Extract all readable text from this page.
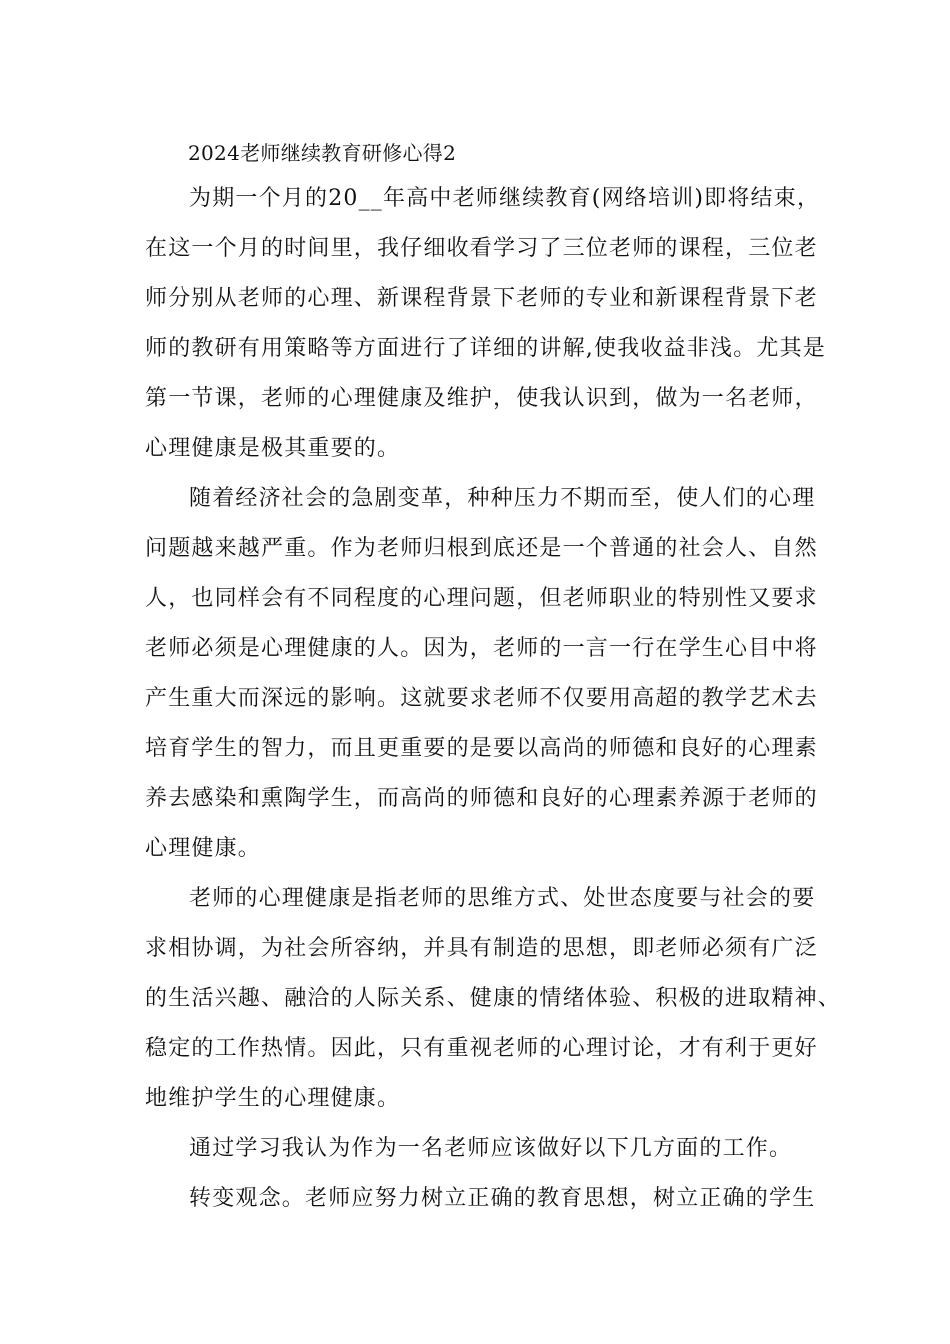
2024老师继续教育研修心得2
为期一个月的20__年高中老师继续教育(网络培训)即将结束，
在这一个月的时间里，我仔细收看学习了三位老师的课程，三位老
师分别从老师的心理、新课程背景下老师的专业和新课程背景下老
师的教研有用策略等方面进行了详细的讲解,使我收益非浅。尤其是
第一节课，老师的心理健康及维护，使我认识到，做为一名老师，
心理健康是极其重要的。
随着经济社会的急剧变革，种种压力不期而至，使人们的心理
问题越来越严重。作为老师归根到底还是一个普通的社会人、自然
人，也同样会有不同程度的心理问题，但老师职业的特别性又要求
老师必须是心理健康的人。因为，老师的一言一行在学生心目中将
产生重大而深远的影响。这就要求老师不仅要用高超的教学艺术去
培育学生的智力，而且更重要的是要以高尚的师德和良好的心理素
养去感染和熏陶学生，而高尚的师德和良好的心理素养源于老师的
心理健康。
老师的心理健康是指老师的思维方式、处世态度要与社会的要
求相协调，为社会所容纳，并具有制造的思想，即老师必须有广泛
的生活兴趣、融洽的人际关系、健康的情绪体验、积极的进取精神、
稳定的工作热情。因此，只有重视老师的心理讨论，才有利于更好
地维护学生的心理健康。
通过学习我认为作为一名老师应该做好以下几方面的工作。
转变观念。老师应努力树立正确的教育思想，树立正确的学生
